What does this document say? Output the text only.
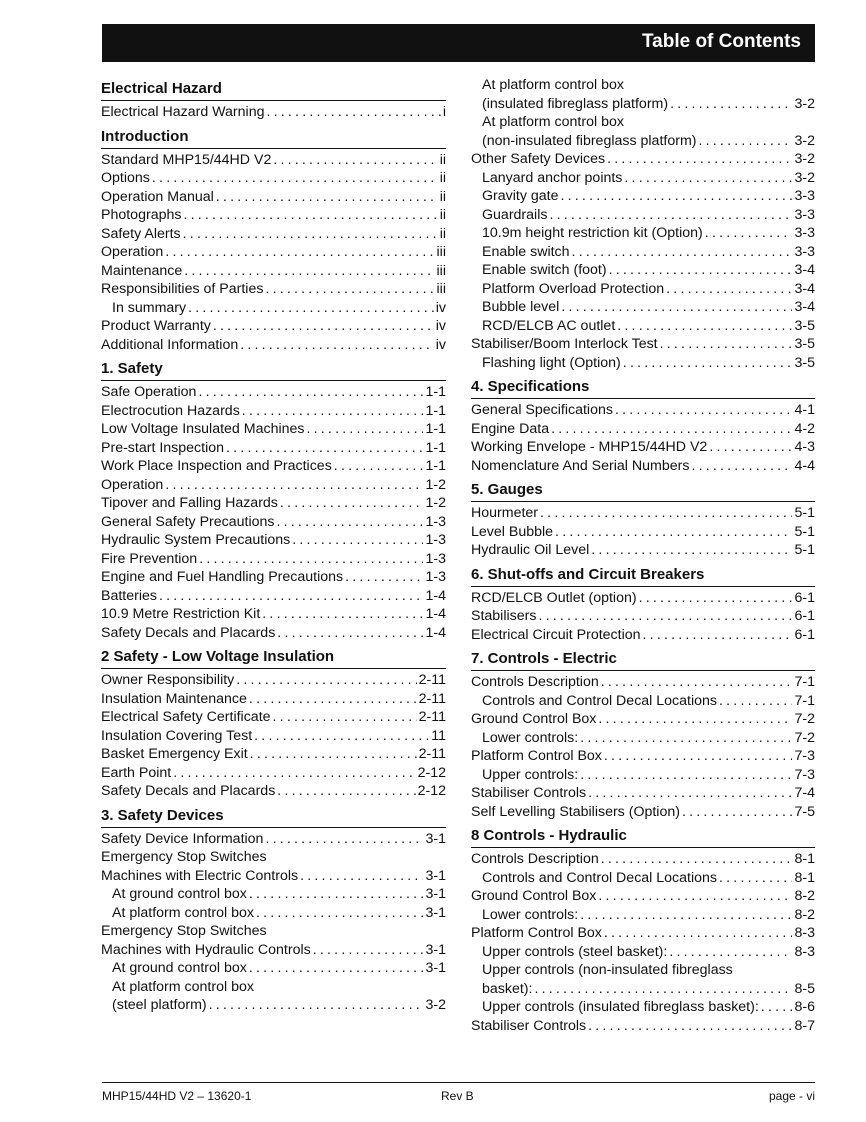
Table of Contents
Electrical Hazard
Electrical Hazard Warning .....	i
Introduction
Standard MHP15/44HD V2 .....	ii
Options .....	ii
Operation Manual .....	ii
Photographs .....	ii
Safety Alerts .....	ii
Operation .....	iii
Maintenance .....	iii
Responsibilities of Parties .....	iii
In summary .....	iv
Product Warranty .....	iv
Additional Information .....	iv
1. Safety
Safe Operation .....	1-1
Electrocution Hazards .....	1-1
Low Voltage Insulated Machines .....	1-1
Pre-start Inspection .....	1-1
Work Place Inspection and Practices .....	1-1
Operation .....	1-2
Tipover and Falling Hazards .....	1-2
General Safety Precautions .....	1-3
Hydraulic System Precautions .....	1-3
Fire Prevention .....	1-3
Engine and Fuel Handling Precautions .....	1-3
Batteries .....	1-4
10.9 Metre Restriction Kit .....	1-4
Safety Decals and Placards .....	1-4
2 Safety - Low Voltage Insulation
Owner Responsibility .....	2-11
Insulation Maintenance .....	2-11
Electrical Safety Certificate .....	2-11
Insulation Covering Test .....	11
Basket Emergency Exit .....	2-11
Earth Point .....	2-12
Safety Decals and Placards .....	2-12
3. Safety Devices
Safety Device Information .....	3-1
Emergency Stop Switches
Machines with Electric Controls .....	3-1
At ground control box .....	3-1
At platform control box .....	3-1
Emergency Stop Switches
Machines with Hydraulic Controls .....	3-1
At ground control box .....	3-1
At platform control box
(steel platform) .....	3-2
At platform control box
(insulated fibreglass platform) .....	3-2
At platform control box
(non-insulated fibreglass platform) .....	3-2
Other Safety Devices .....	3-2
Lanyard anchor points .....	3-2
Gravity gate .....	3-3
Guardrails .....	3-3
10.9m height restriction kit (Option) .....	3-3
Enable switch .....	3-3
Enable switch (foot) .....	3-4
Platform Overload Protection .....	3-4
Bubble level .....	3-4
RCD/ELCB AC outlet .....	3-5
Stabiliser/Boom Interlock Test .....	3-5
Flashing light (Option) .....	3-5
4. Specifications
General Specifications .....	4-1
Engine Data .....	4-2
Working Envelope - MHP15/44HD V2 .....	4-3
Nomenclature And Serial Numbers .....	4-4
5. Gauges
Hourmeter .....	5-1
Level Bubble .....	5-1
Hydraulic Oil Level .....	5-1
6. Shut-offs and Circuit Breakers
RCD/ELCB Outlet (option) .....	6-1
Stabilisers .....	6-1
Electrical Circuit Protection .....	6-1
7. Controls - Electric
Controls Description .....	7-1
Controls and Control Decal Locations .....	7-1
Ground Control Box .....	7-2
Lower controls: .....	7-2
Platform Control Box .....	7-3
Upper controls: .....	7-3
Stabiliser Controls .....	7-4
Self Levelling Stabilisers (Option) .....	7-5
8 Controls - Hydraulic
Controls Description .....	8-1
Controls and Control Decal Locations .....	8-1
Ground Control Box .....	8-2
Lower controls: .....	8-2
Platform Control Box .....	8-3
Upper controls (steel basket): .....	8-3
Upper controls (non-insulated fibreglass
basket): .....	8-5
Upper controls (insulated fibreglass basket): .....	8-6
Stabiliser Controls .....	8-7
MHP15/44HD V2 – 13620-1	Rev B	page - vi
